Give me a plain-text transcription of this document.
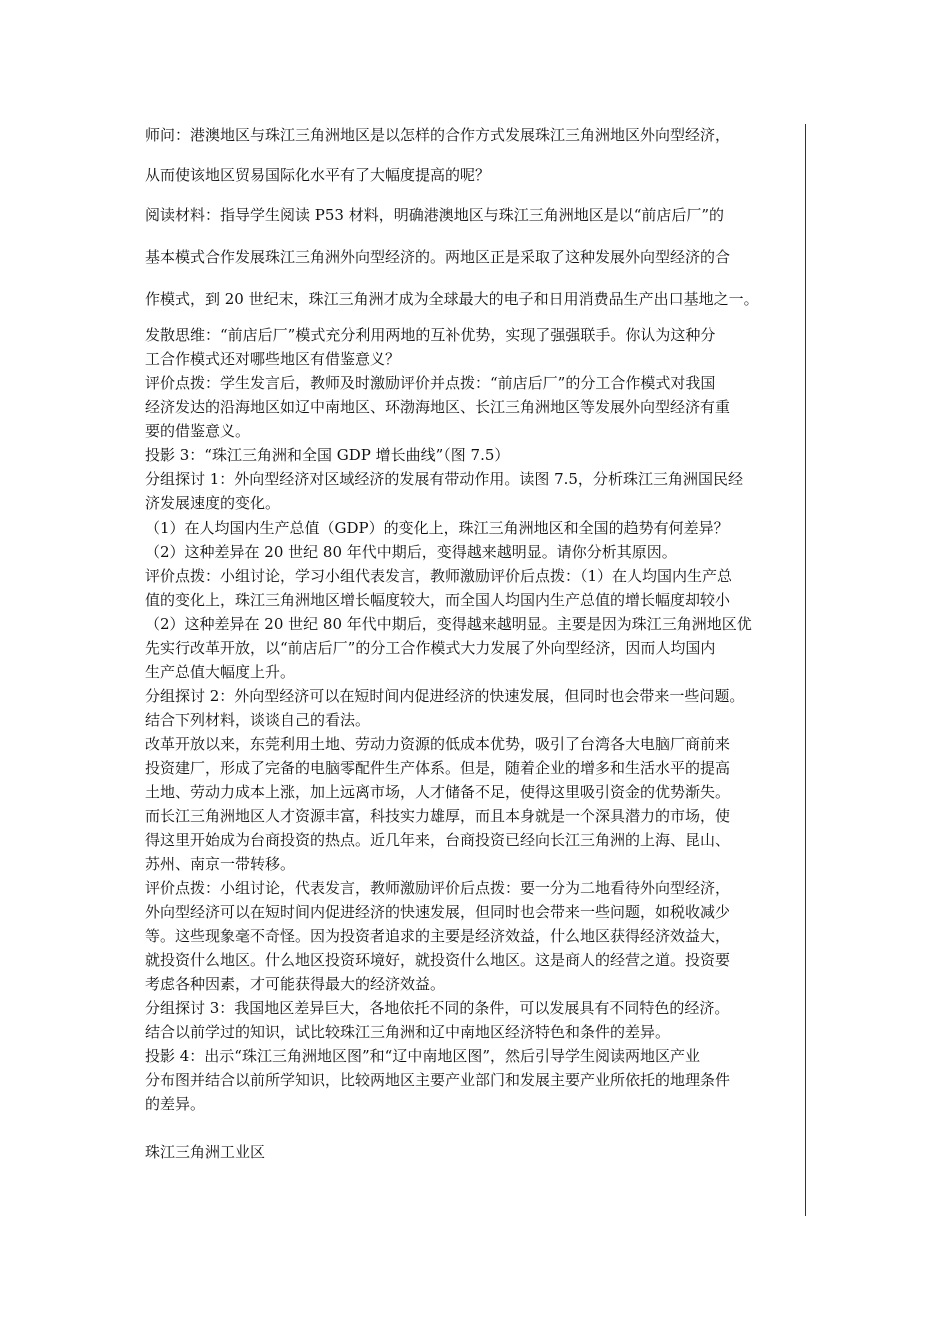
师问：港澳地区与珠江三角洲地区是以怎样的合作方式发展珠江三角洲地区外向型经济，
从而使该地区贸易国际化水平有了大幅度提高的呢？
阅读材料：指导学生阅读 P53 材料，明确港澳地区与珠江三角洲地区是以“前店后厂”的
基本模式合作发展珠江三角洲外向型经济的。两地区正是采取了这种发展外向型经济的合
作模式，到 20 世纪末，珠江三角洲才成为全球最大的电子和日用消费品生产出口基地之一。
发散思维：“前店后厂”模式充分利用两地的互补优势，实现了强强联手。你认为这种分
工合作模式还对哪些地区有借鉴意义？
评价点拨：学生发言后，教师及时激励评价并点拨：“前店后厂”的分工合作模式对我国
经济发达的沿海地区如辽中南地区、环渤海地区、长江三角洲地区等发展外向型经济有重
要的借鉴意义。
投影 3：“珠江三角洲和全国 GDP 增长曲线”（图 7.5）
分组探讨 1：外向型经济对区域经济的发展有带动作用。读图 7.5，分析珠江三角洲国民经
济发展速度的变化。
（1）在人均国内生产总值（GDP）的变化上，珠江三角洲地区和全国的趋势有何差异？
（2）这种差异在 20 世纪 80 年代中期后，变得越来越明显。请你分析其原因。
评价点拨：小组讨论，学习小组代表发言，教师激励评价后点拨：（1）在人均国内生产总
值的变化上，珠江三角洲地区增长幅度较大，而全国人均国内生产总值的增长幅度却较小
（2）这种差异在 20 世纪 80 年代中期后，变得越来越明显。主要是因为珠江三角洲地区优
先实行改革开放，以“前店后厂”的分工合作模式大力发展了外向型经济，因而人均国内
生产总值大幅度上升。
分组探讨 2：外向型经济可以在短时间内促进经济的快速发展，但同时也会带来一些问题。
结合下列材料，谈谈自己的看法。
改革开放以来，东莞利用土地、劳动力资源的低成本优势，吸引了台湾各大电脑厂商前来
投资建厂，形成了完备的电脑零配件生产体系。但是，随着企业的增多和生活水平的提高
土地、劳动力成本上涨，加上远离市场，人才储备不足，使得这里吸引资金的优势渐失。
而长江三角洲地区人才资源丰富，科技实力雄厚，而且本身就是一个深具潜力的市场，使
得这里开始成为台商投资的热点。近几年来，台商投资已经向长江三角洲的上海、昆山、
苏州、南京一带转移。
评价点拨：小组讨论，代表发言，教师激励评价后点拨：要一分为二地看待外向型经济，
外向型经济可以在短时间内促进经济的快速发展，但同时也会带来一些问题，如税收减少
等。这些现象毫不奇怪。因为投资者追求的主要是经济效益，什么地区获得经济效益大，
就投资什么地区。什么地区投资环境好，就投资什么地区。这是商人的经营之道。投资要
考虑各种因素，才可能获得最大的经济效益。
分组探讨 3：我国地区差异巨大，各地依托不同的条件，可以发展具有不同特色的经济。
结合以前学过的知识，试比较珠江三角洲和辽中南地区经济特色和条件的差异。
投影 4：出示“珠江三角洲地区图”和“辽中南地区图”，然后引导学生阅读两地区产业
分布图并结合以前所学知识，比较两地区主要产业部门和发展主要产业所依托的地理条件
的差异。
珠江三角洲工业区
